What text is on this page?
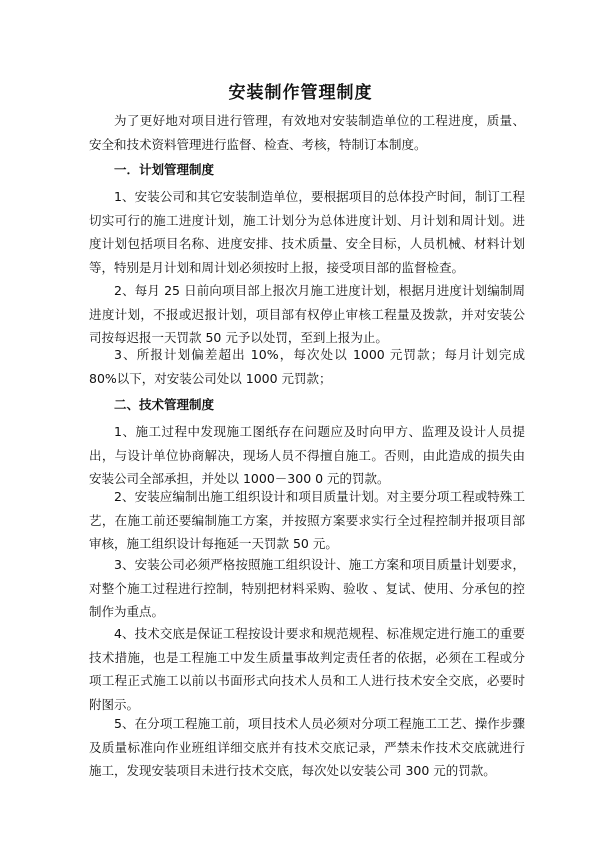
安装制作管理制度

为了更好地对项目进行管理，有效地对安装制造单位的工程进度，质量、安全和技术资料管理进行监督、检查、考核，特制订本制度。

一．计划管理制度

1、安装公司和其它安装制造单位，要根据项目的总体投产时间，制订工程切实可行的施工进度计划，施工计划分为总体进度计划、月计划和周计划。进度计划包括项目名称、进度安排、技术质量、安全目标，人员机械、材料计划等，特别是月计划和周计划必须按时上报，接受项目部的监督检查。

2、每月 25 日前向项目部上报次月施工进度计划，根据月进度计划编制周进度计划，不报或迟报计划，项目部有权停止审核工程量及拨款，并对安装公司按每迟报一天罚款 50 元予以处罚，至到上报为止。

3、所报计划偏差超出 10%，每次处以 1000 元罚款；每月计划完成 80%以下，对安装公司处以 1000 元罚款；

二、技术管理制度

1、施工过程中发现施工图纸存在问题应及时向甲方、监理及设计人员提出，与设计单位协商解决，现场人员不得擅自施工。否则，由此造成的损失由安装公司全部承担，并处以 1000－300 0 元的罚款。

2、安装应编制出施工组织设计和项目质量计划。对主要分项工程或特殊工艺，在施工前还要编制施工方案，并按照方案要求实行全过程控制并报项目部审核，施工组织设计每拖延一天罚款 50 元。

3、安装公司必须严格按照施工组织设计、施工方案和项目质量计划要求，对整个施工过程进行控制，特别把材料采购、验收 、复试、使用、分承包的控制作为重点。

4、技术交底是保证工程按设计要求和规范规程、标准规定进行施工的重要技术措施，也是工程施工中发生质量事故判定责任者的依据，必须在工程或分项工程正式施工以前以书面形式向技术人员和工人进行技术安全交底，必要时附图示。

5、在分项工程施工前，项目技术人员必须对分项工程施工工艺、操作步骤及质量标准向作业班组详细交底并有技术交底记录，严禁未作技术交底就进行施工，发现安装项目未进行技术交底，每次处以安装公司 300 元的罚款。
